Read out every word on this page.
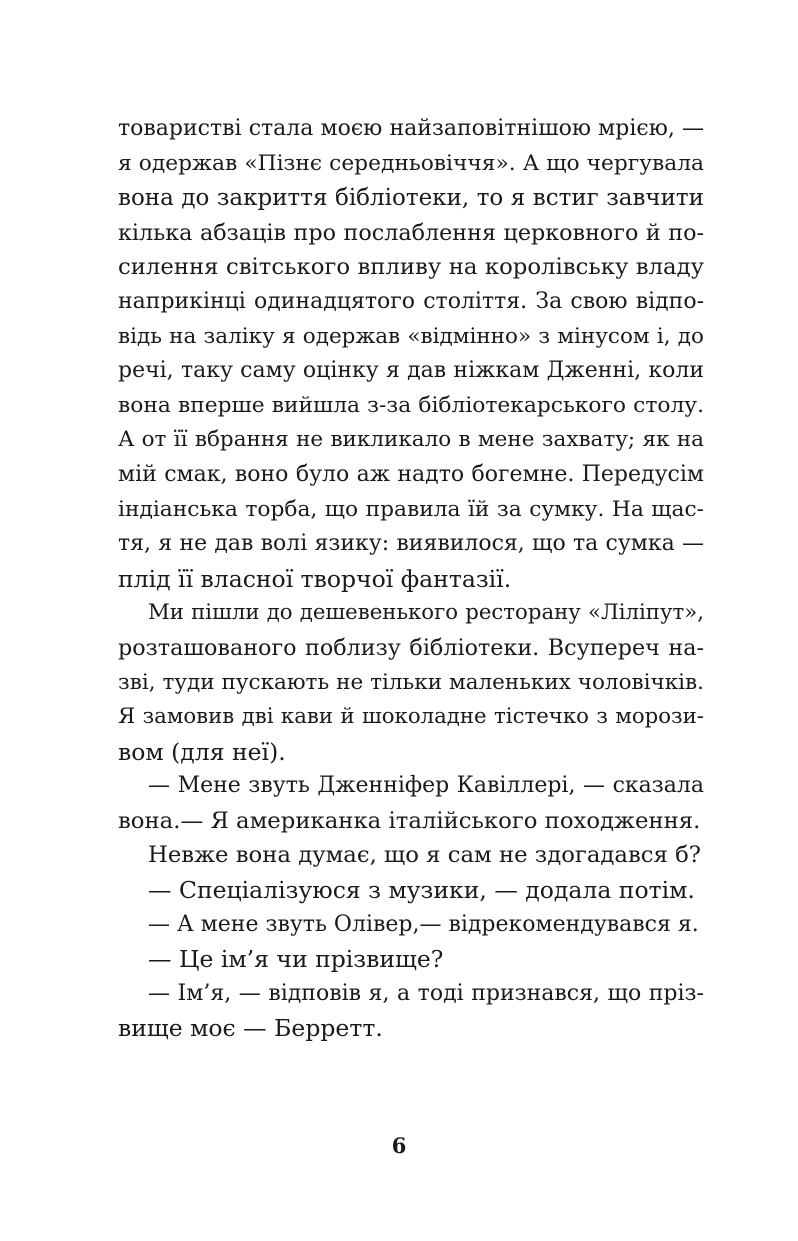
товаристві стала моєю найзаповітнішою мрією, —
я одержав «Пізнє середньовіччя». А що чергувала
вона до закриття бібліотеки, то я встиг завчити
кілька абзаців про послаблення церковного й по-
силення світського впливу на королівську владу
наприкінці одинадцятого століття. За свою відпо-
відь на заліку я одержав «відмінно» з мінусом і, до
речі, таку саму оцінку я дав ніжкам Дженні, коли
вона вперше вийшла з-за бібліотекарського столу.
А от її вбрання не викликало в мене захвату; як на
мій смак, воно було аж надто богемне. Передусім
індіанська торба, що правила їй за сумку. На щас-
тя, я не дав волі язику: виявилося, що та сумка —
плід її власної творчої фантазії.
Ми пішли до дешевенького ресторану «Ліліпут»,
розташованого поблизу бібліотеки. Всупереч на-
зві, туди пускають не тільки маленьких чоловічків.
Я замовив дві кави й шоколадне тістечко з морози-
вом (для неї).
— Мене звуть Дженніфер Кавіллері, — сказала
вона.— Я американка італійського походження.
Невже вона думає, що я сам не здогадався б?
— Спеціалізуюся з музики, — додала потім.
— А мене звуть Олівер,— відрекомендувався я.
— Це ім’я чи прізвище?
— Ім’я, — відповів я, а тоді признався, що пріз-
вище моє — Берретт.
6
